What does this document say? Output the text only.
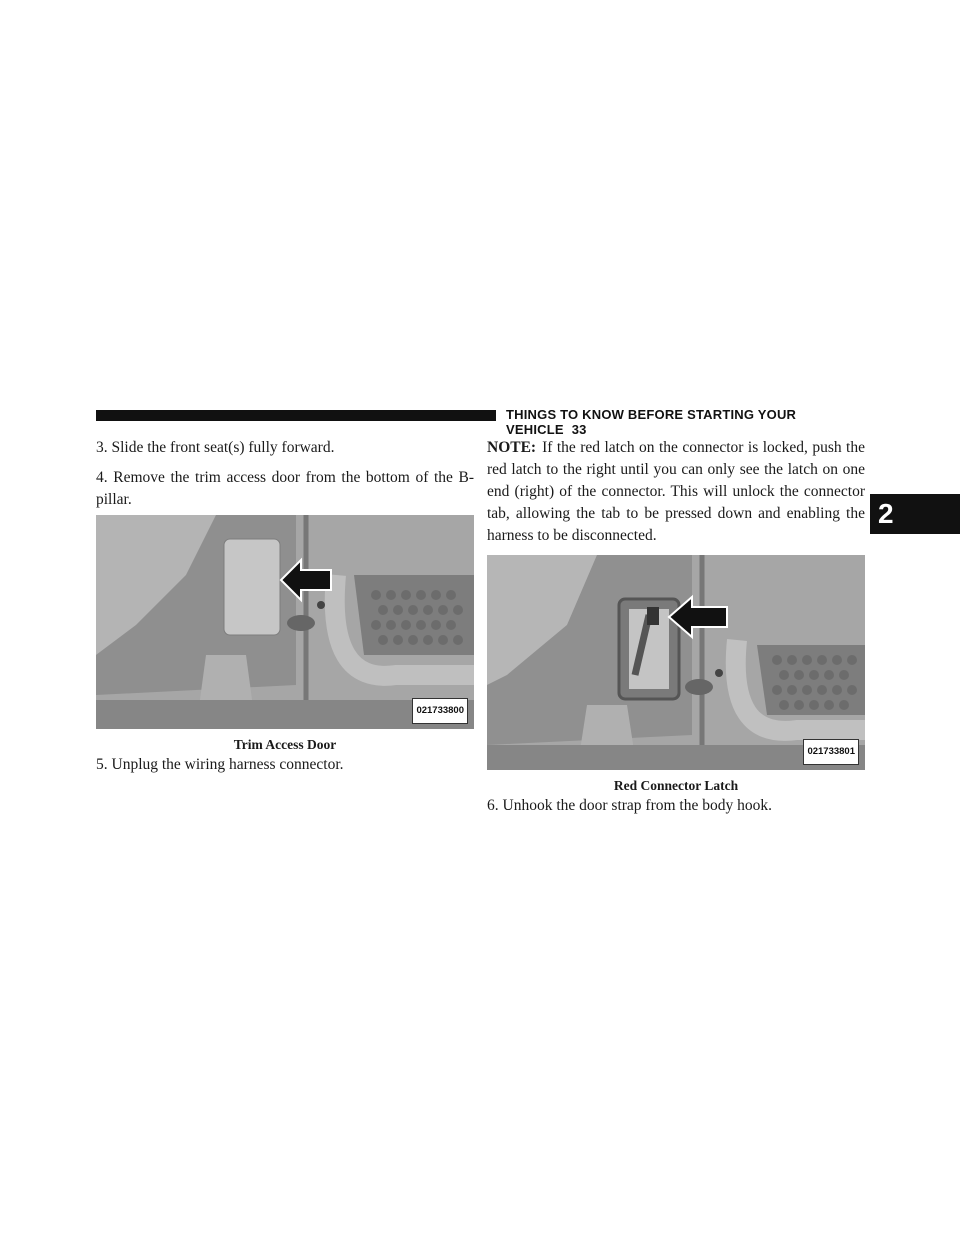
THINGS TO KNOW BEFORE STARTING YOUR VEHICLE 33
2

3. Slide the front seat(s) fully forward.

4. Remove the trim access door from the bottom of the B-pillar.

021733800
Trim Access Door

5. Unplug the wiring harness connector.

NOTE: If the red latch on the connector is locked, push the red latch to the right until you can only see the latch on one end (right) of the connector. This will unlock the connector tab, allowing the tab to be pressed down and enabling the harness to be disconnected.

021733801
Red Connector Latch

6. Unhook the door strap from the body hook.
